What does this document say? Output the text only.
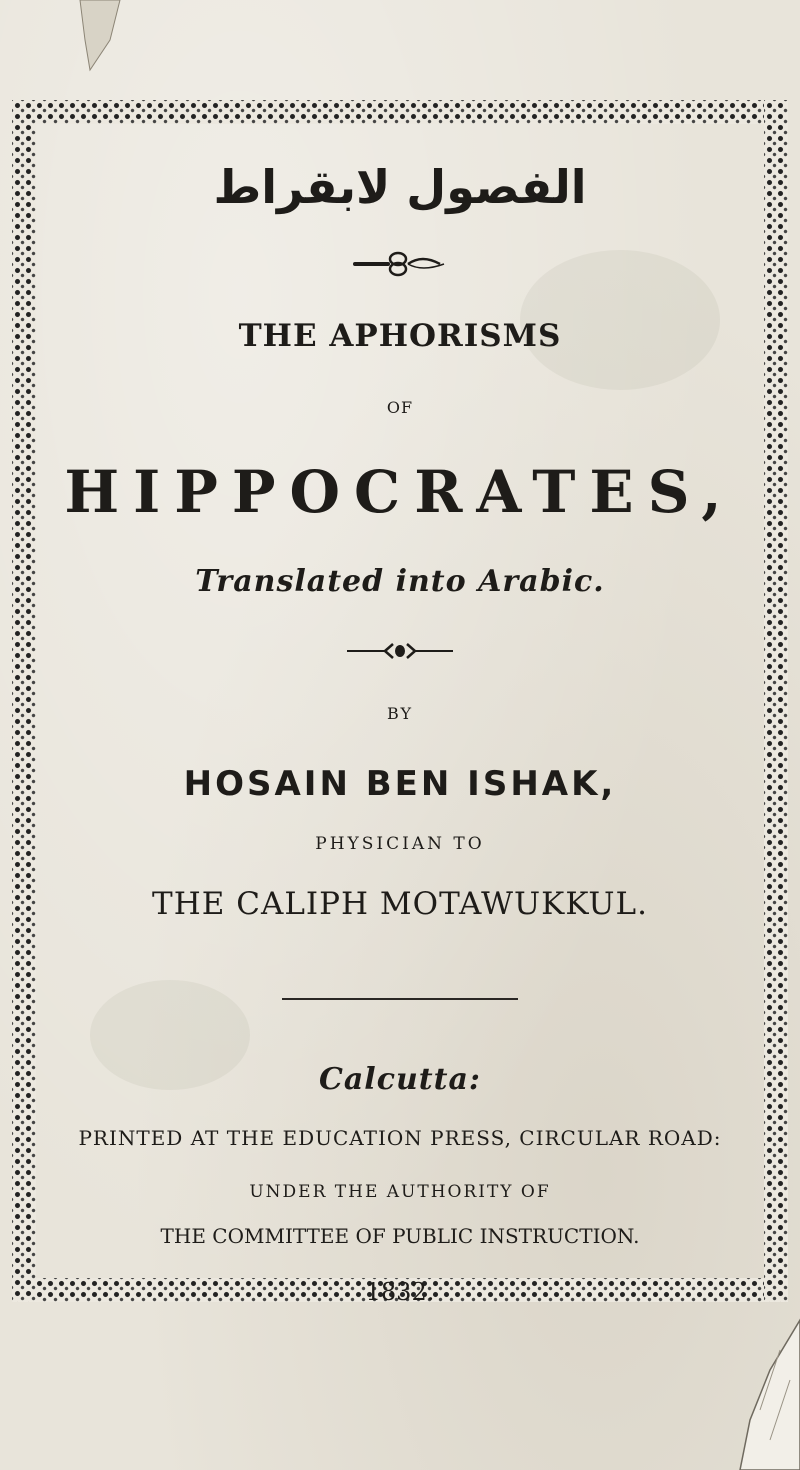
الفصول لابقراط
THE APHORISMS
OF
HIPPOCRATES,
Translated into Arabic.
BY
HOSAIN BEN ISHAK,
PHYSICIAN TO
THE CALIPH MOTAWUKKUL.
Calcutta:
PRINTED AT THE EDUCATION PRESS, CIRCULAR ROAD:
UNDER THE AUTHORITY OF
THE COMMITTEE OF PUBLIC INSTRUCTION.
1832.
